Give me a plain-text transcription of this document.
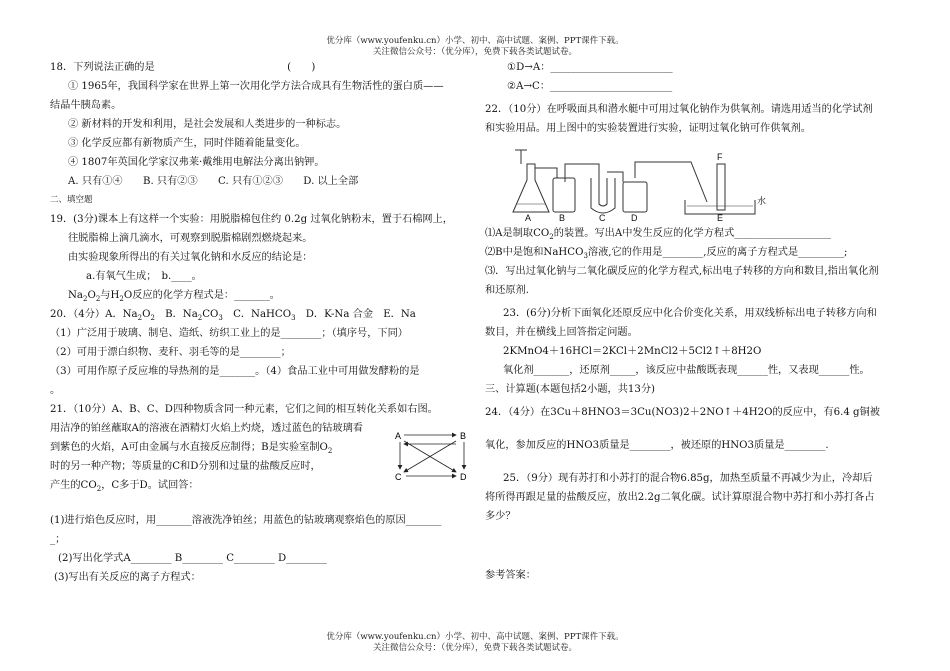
优分库（www.youfenku.cn）小学、初中、高中试题、案例、PPT课件下载。
关注微信公众号：（优分库），免费下载各类试题试卷。

18．下列说法正确的是　　　　　　　　　　　　　(　　)

① 1965年，我国科学家在世界上第一次用化学方法合成具有生物活性的蛋白质——

结晶牛胰岛素。

② 新材料的开发和利用，是社会发展和人类进步的一种标志。

③ 化学反应都有新物质产生，同时伴随着能量变化。

④ 1807年英国化学家汉弗莱·戴维用电解法分离出钠钾。

A. 只有①④　　B. 只有②③　　C. 只有①②③　　D. 以上全部

二、填空题

19．(3分)课本上有这样一个实验：用脱脂棉包住约 0.2g 过氧化钠粉末，置于石棉网上，

往脱脂棉上滴几滴水，可观察到脱脂棉剧烈燃烧起来。

由实验现象所得出的有关过氧化钠和水反应的结论是：

a.有氧气生成；　b.____。

$Na_2O_2$与$H_2O$反应的化学方程式是：_______。

20．（4分）A．$Na_2O_2$　 B．$Na_2CO_3$　 C．NaHCO$_3$　 D．K-Na 合金　E．Na

（1）广泛用于玻璃、制皂、造纸、纺织工业上的是________；（填序号，下同）

（2）可用于漂白织物、麦秆、羽毛等的是________；

（3）可用作原子反应堆的导热剂的是_______。（4）食品工业中可用做发酵粉的是

。

21．（10分）A、B、C、D四种物质含同一种元素，它们之间的相互转化关系如右图。

用洁净的铂丝蘸取A的溶液在酒精灯火焰上灼烧，透过蓝色的钴玻璃看

到紫色的火焰，A可由金属与水直接反应制得；B是实验室制$O_2$

时的另一种产物；等质量的C和D分别和过量的盐酸反应时，

产生的$CO_2$，C多于D。试回答：

(1)进行焰色反应时，用_______溶液洗净铂丝；用蓝色的钴玻璃观察焰色的原因_______

_；

(2)写出化学式A________ B________ C________ D________

(3)写出有关反应的离子方程式：

A	B
C	D

①D→A：________________________

②A→C：________________________

22．（10分）在呼吸面具和潜水艇中可用过氧化钠作为供氧剂。请选用适当的化学试剂

和实验用品。用上图中的实验装置进行实验，证明过氧化钠可作供氧剂。

A	B	C	D	E
F
水

⑴A是制取$CO_2$的装置。写出A中发生反应的化学方程式___________________

⑵B中是饱和NaHCO$_3$溶液,它的作用是________,反应的离子方程式是_________;

⑶．写出过氧化钠与二氧化碳反应的化学方程式,标出电子转移的方向和数目,指出氧化剂

和还原剂.

23．(6分)分析下面氧化还原反应中化合价变化关系，用双线桥标出电子转移方向和

数目，并在横线上回答指定问题。

2KMnO4＋16HCl＝2KCl＋2MnCl2＋5Cl2↑＋8H2O

氧化剂_______，还原剂_____，该反应中盐酸既表现______性，又表现______性。

三、计算题(本题包括2小题，共13分)

24．（4分）在3Cu＋8HNO3＝3Cu(NO3)2＋2NO↑＋4H2O的反应中，有6.4 g铜被

氧化，参加反应的HNO3质量是________，被还原的HNO3质量是________.

25．（9分）现有苏打和小苏打的混合物6.85g，加热至质量不再减少为止，冷却后

将所得再跟足量的盐酸反应，放出2.2g二氧化碳。试计算原混合物中苏打和小苏打各占

多少？

参考答案：

优分库（www.youfenku.cn）小学、初中、高中试题、案例、PPT课件下载。
关注微信公众号：（优分库），免费下载各类试题试卷。
